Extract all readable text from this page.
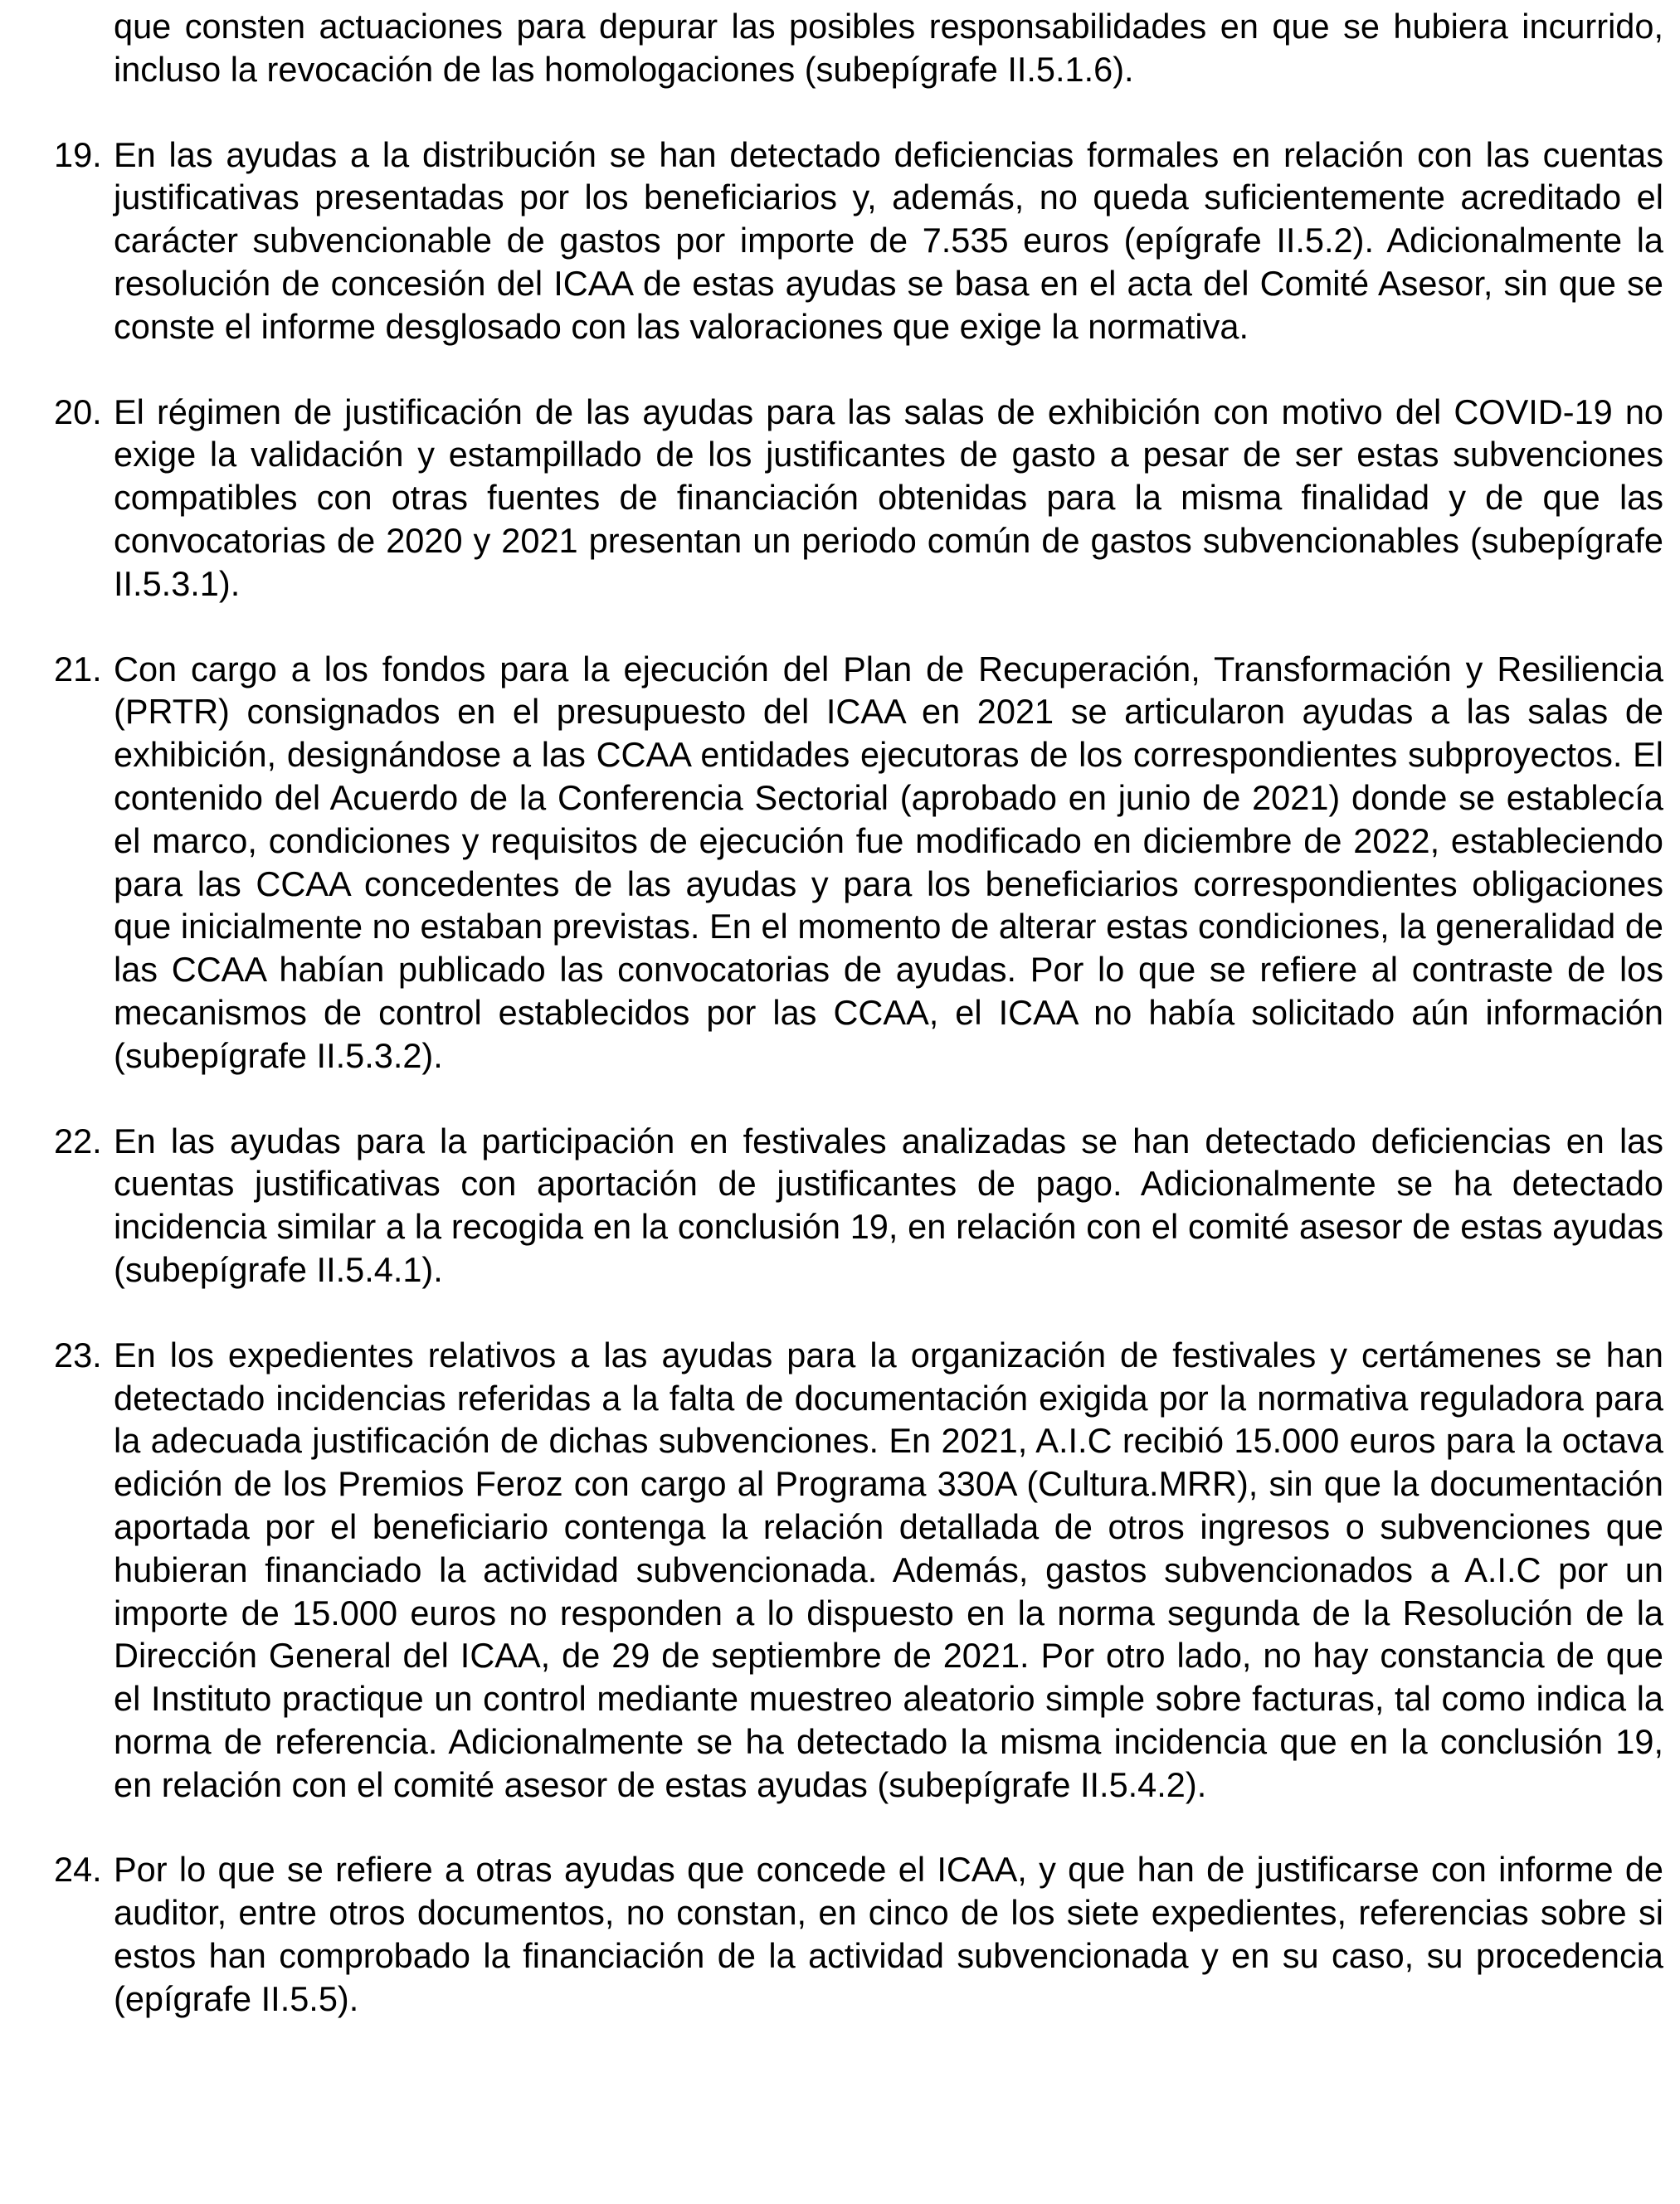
que consten actuaciones para depurar las posibles responsabilidades en que se hubiera incurrido, incluso la revocación de las homologaciones (subepígrafe II.5.1.6).

19. En las ayudas a la distribución se han detectado deficiencias formales en relación con las cuentas justificativas presentadas por los beneficiarios y, además, no queda suficientemente acreditado el carácter subvencionable de gastos por importe de 7.535 euros (epígrafe II.5.2). Adicionalmente la resolución de concesión del ICAA de estas ayudas se basa en el acta del Comité Asesor, sin que se conste el informe desglosado con las valoraciones que exige la normativa.
20. El régimen de justificación de las ayudas para las salas de exhibición con motivo del COVID-19 no exige la validación y estampillado de los justificantes de gasto a pesar de ser estas subvenciones compatibles con otras fuentes de financiación obtenidas para la misma finalidad y de que las convocatorias de 2020 y 2021 presentan un periodo común de gastos subvencionables (subepígrafe II.5.3.1).
21. Con cargo a los fondos para la ejecución del Plan de Recuperación, Transformación y Resiliencia (PRTR) consignados en el presupuesto del ICAA en 2021 se articularon ayudas a las salas de exhibición, designándose a las CCAA entidades ejecutoras de los correspondientes subproyectos. El contenido del Acuerdo de la Conferencia Sectorial (aprobado en junio de 2021) donde se establecía el marco, condiciones y requisitos de ejecución fue modificado en diciembre de 2022, estableciendo para las CCAA concedentes de las ayudas y para los beneficiarios correspondientes obligaciones que inicialmente no estaban previstas. En el momento de alterar estas condiciones, la generalidad de las CCAA habían publicado las convocatorias de ayudas. Por lo que se refiere al contraste de los mecanismos de control establecidos por las CCAA, el ICAA no había solicitado aún información (subepígrafe II.5.3.2).
22. En las ayudas para la participación en festivales analizadas se han detectado deficiencias en las cuentas justificativas con aportación de justificantes de pago. Adicionalmente se ha detectado incidencia similar a la recogida en la conclusión 19, en relación con el comité asesor de estas ayudas (subepígrafe II.5.4.1).
23. En los expedientes relativos a las ayudas para la organización de festivales y certámenes se han detectado incidencias referidas a la falta de documentación exigida por la normativa reguladora para la adecuada justificación de dichas subvenciones. En 2021, A.I.C recibió 15.000 euros para la octava edición de los Premios Feroz con cargo al Programa 330A (Cultura.MRR), sin que la documentación aportada por el beneficiario contenga la relación detallada de otros ingresos o subvenciones que hubieran financiado la actividad subvencionada. Además, gastos subvencionados a A.I.C por un importe de 15.000 euros no responden a lo dispuesto en la norma segunda de la Resolución de la Dirección General del ICAA, de 29 de septiembre de 2021. Por otro lado, no hay constancia de que el Instituto practique un control mediante muestreo aleatorio simple sobre facturas, tal como indica la norma de referencia. Adicionalmente se ha detectado la misma incidencia que en la conclusión 19, en relación con el comité asesor de estas ayudas (subepígrafe II.5.4.2).
24. Por lo que se refiere a otras ayudas que concede el ICAA, y que han de justificarse con informe de auditor, entre otros documentos, no constan, en cinco de los siete expedientes, referencias sobre si estos han comprobado la financiación de la actividad subvencionada y en su caso, su procedencia (epígrafe II.5.5).
